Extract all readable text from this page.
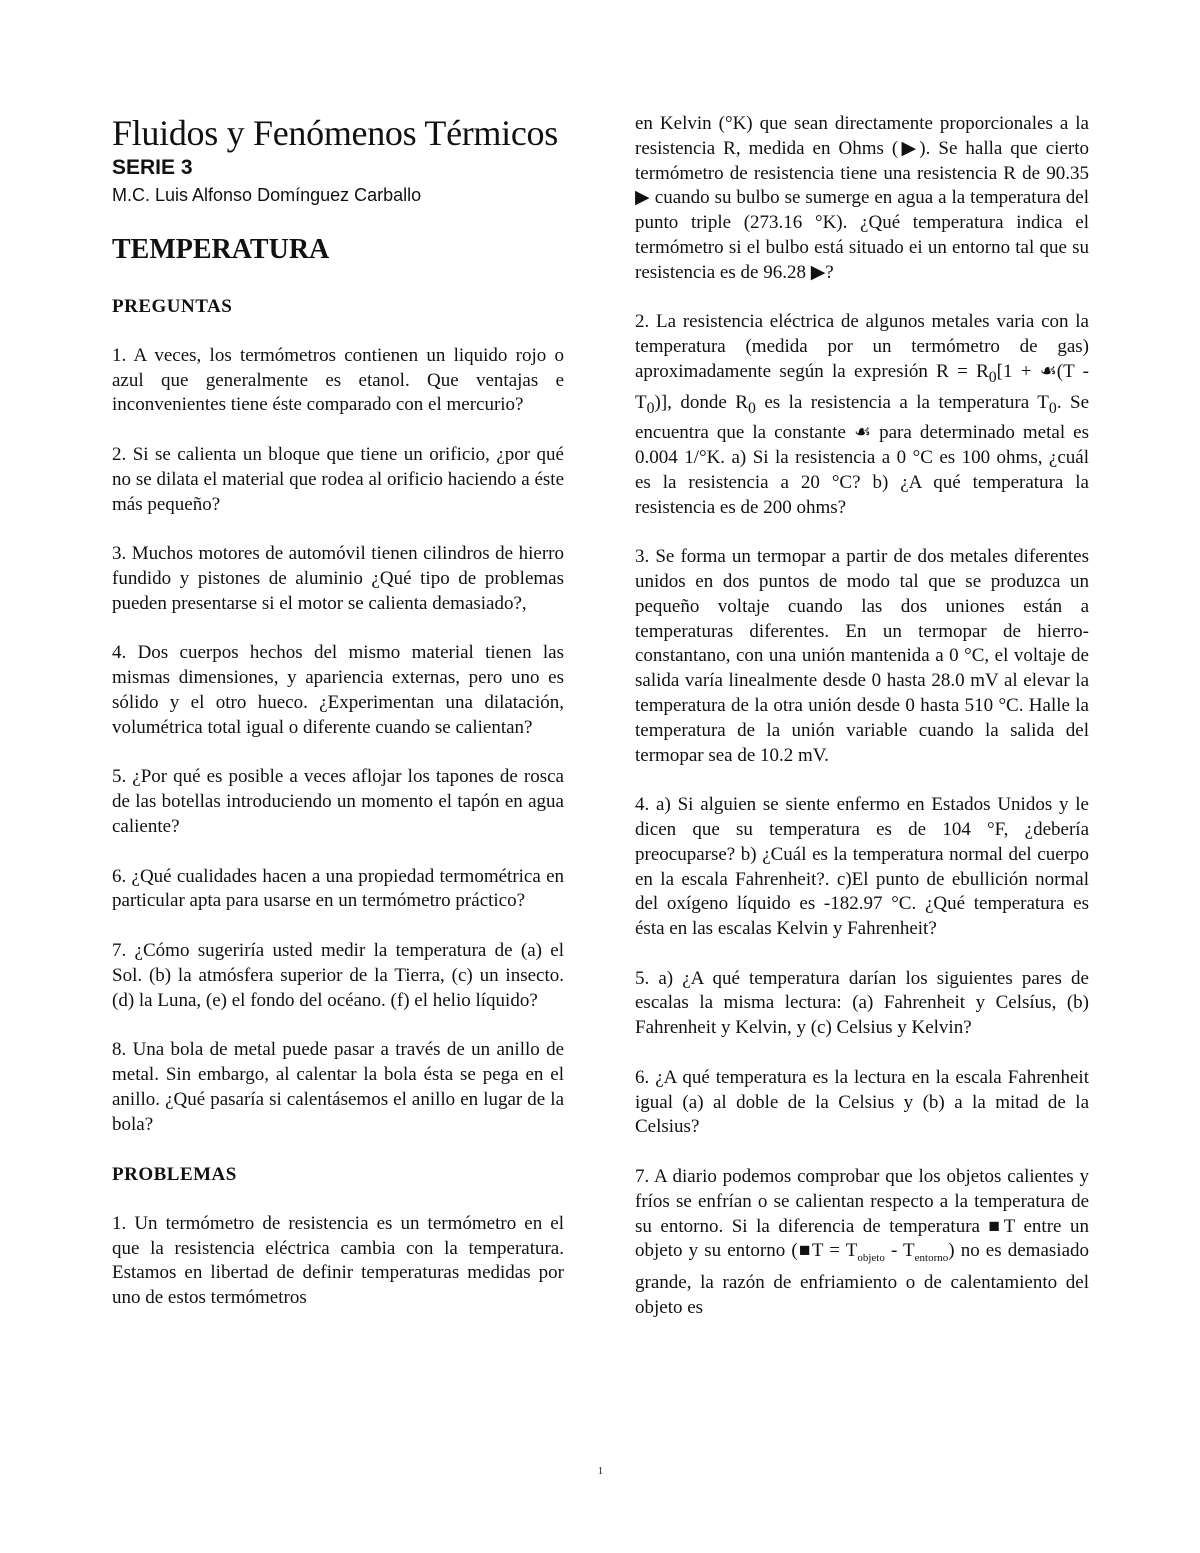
Fluidos y Fenómenos Térmicos
SERIE 3
M.C. Luis Alfonso Domínguez Carballo
TEMPERATURA
PREGUNTAS

1. A veces, los termómetros contienen un liquido rojo o azul que generalmente es etanol. Que ventajas e inconvenientes tiene éste comparado con el mercurio?

2. Si se calienta un bloque que tiene un orificio, ¿por qué no se dilata el material que rodea al orificio haciendo a éste más pequeño?

3. Muchos motores de automóvil tienen cilindros de hierro fundido y pistones de aluminio ¿Qué tipo de problemas pueden presentarse si el motor se calienta demasiado?,

4. Dos cuerpos hechos del mismo material tienen las mismas dimensiones, y apariencia externas, pero uno es sólido y el otro hueco. ¿Experimentan una dilatación, volumétrica total igual o diferente cuando se calientan?

5. ¿Por qué es posible a veces aflojar los tapones de rosca de las botellas introduciendo un momento el tapón en agua caliente?

6. ¿Qué cualidades hacen a una propiedad termométrica en particular apta para usarse en un termómetro práctico?

7. ¿Cómo sugeriría usted medir la temperatura de (a) el Sol. (b) la atmósfera superior de la Tierra, (c) un insecto. (d) la Luna, (e) el fondo del océano. (f) el helio líquido?

8. Una bola de metal puede pasar a través de un anillo de metal. Sin embargo, al calentar la bola ésta se pega en el anillo. ¿Qué pasaría si calentásemos el anillo en lugar de la bola?

PROBLEMAS

1. Un termómetro de resistencia es un termómetro en el que la resistencia eléctrica cambia con la temperatura. Estamos en libertad de definir temperaturas medidas por uno de estos termómetros

en Kelvin (°K) que sean directamente proporcionales a la resistencia R, medida en Ohms (▶). Se halla que cierto termómetro de resistencia tiene una resistencia R de 90.35 ▶ cuando su bulbo se sumerge en agua a la temperatura del punto triple (273.16 °K). ¿Qué temperatura indica el termómetro si el bulbo está situado ei un entorno tal que su resistencia es de 96.28 ▶?

2. La resistencia eléctrica de algunos metales varia con la temperatura (medida por un termómetro de gas) aproximadamente según la expresión $R = R_0[1$ + ☙(T - $T_0$)], donde $R_0$ es la resistencia a la temperatura $T_0$. Se encuentra que la constante ☙ para determinado metal es 0.004 1/°K. a) Si la resistencia a 0 °C es 100 ohms, ¿cuál es la resistencia a 20 °C? b) ¿A qué temperatura la resistencia es de 200 ohms?

3. Se forma un termopar a partir de dos metales diferentes unidos en dos puntos de modo tal que se produzca un pequeño voltaje cuando las dos uniones están a temperaturas diferentes. En un termopar de hierro-constantano, con una unión mantenida a 0 °C, el voltaje de salida varía linealmente desde 0 hasta 28.0 mV al elevar la temperatura de la otra unión desde 0 hasta 510 °C. Halle la temperatura de la unión variable cuando la salida del termopar sea de 10.2 mV.

4. a) Si alguien se siente enfermo en Estados Unidos y le dicen que su temperatura es de 104 °F, ¿debería preocuparse? b) ¿Cuál es la temperatura normal del cuerpo en la escala Fahrenheit?. c)El punto de ebullición normal del oxígeno líquido es -182.97 °C. ¿Qué temperatura es ésta en las escalas Kelvin y Fahrenheit?

5. a) ¿A qué temperatura darían los siguientes pares de escalas la misma lectura: (a) Fahrenheit y Celsíus, (b) Fahrenheit y Kelvin, y (c) Celsius y Kelvin?

6. ¿A qué temperatura es la lectura en la escala Fahrenheit igual (a) al doble de la Celsius y (b) a la mitad de la Celsius?

7. A diario podemos comprobar que los objetos calientes y fríos se enfrían o se calientan respecto a la temperatura de su entorno. Si la diferencia de temperatura ■T entre un objeto y su entorno (■T = $T_{objeto} - T_{entorno}$) no es demasiado grande, la razón de enfriamiento o de calentamiento del objeto es

1
